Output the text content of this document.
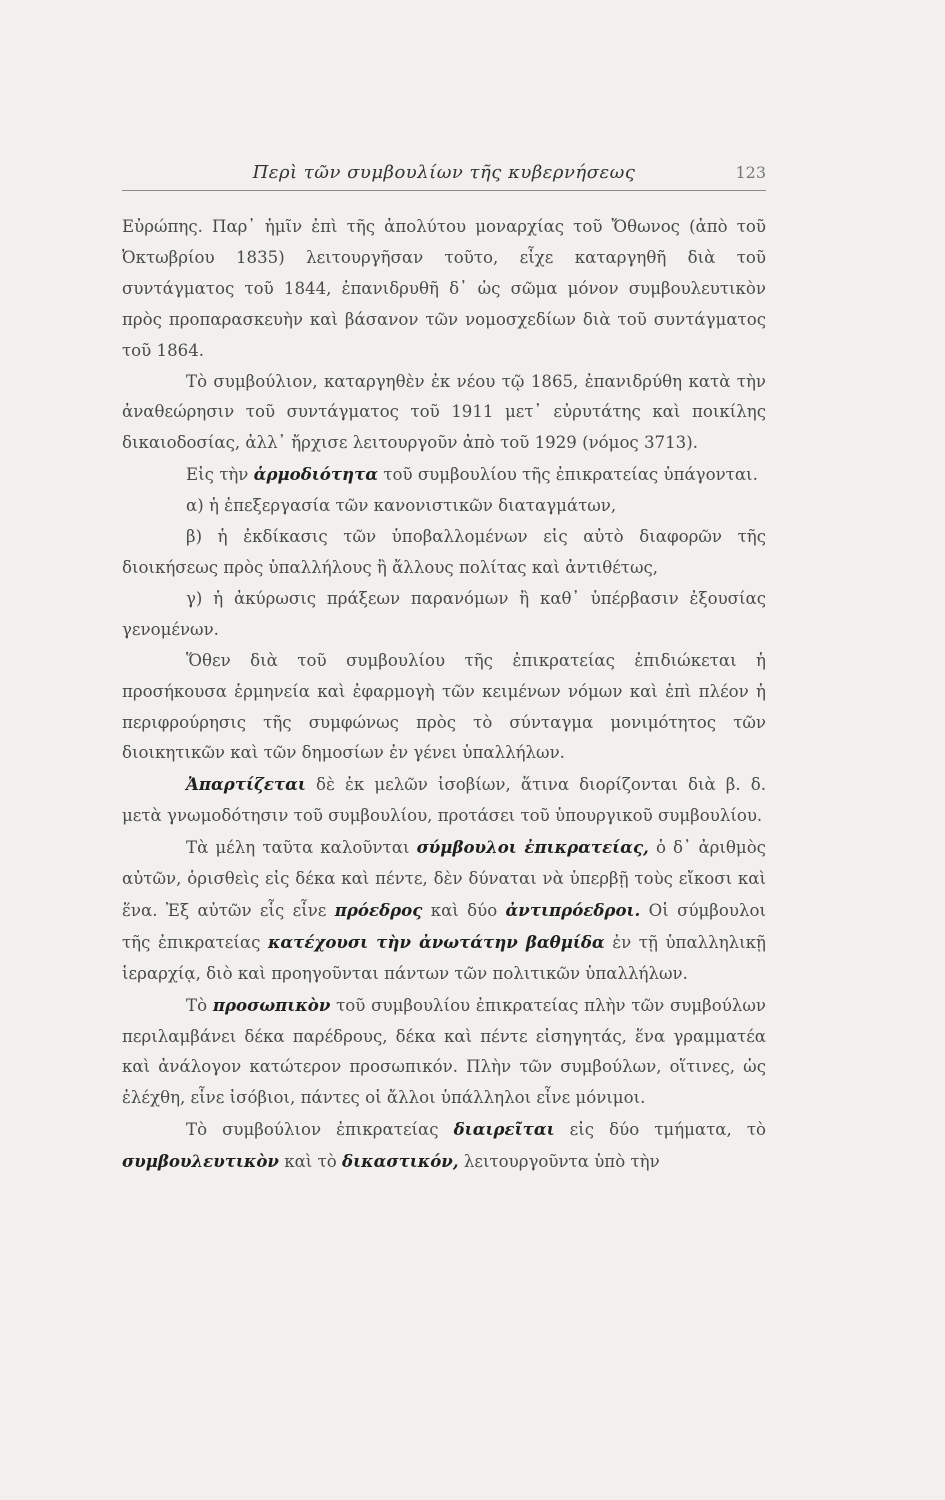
Περὶ τῶν συμβουλίων τῆς κυβερνήσεως	123

Εὐρώπης. Παρ᾽ ἡμῖν ἐπὶ τῆς ἀπολύτου μοναρχίας τοῦ Ὄθωνος (ἀπὸ τοῦ Ὀκτωβρίου 1835) λειτουργῆσαν τοῦτο, εἶχε καταργηθῆ διὰ τοῦ συντάγματος τοῦ 1844, ἐπανιδρυθῆ δ᾽ ὡς σῶμα μόνον συμβουλευτικὸν πρὸς προπαρασκευὴν καὶ βάσανον τῶν νομοσχεδίων διὰ τοῦ συντάγματος τοῦ 1864.

Τὸ συμβούλιον, καταργηθὲν ἐκ νέου τῷ 1865, ἐπανιδρύθη κατὰ τὴν ἀναθεώρησιν τοῦ συντάγματος τοῦ 1911 μετ᾽ εὐρυτάτης καὶ ποικίλης δικαιοδοσίας, ἀλλ᾽ ἤρχισε λειτουργοῦν ἀπὸ τοῦ 1929 (νόμος 3713).

Εἰς τὴν ἁρμοδιότητα τοῦ συμβουλίου τῆς ἐπικρατείας ὑπάγονται.

α) ἡ ἐπεξεργασία τῶν κανονιστικῶν διαταγμάτων,

β) ἡ ἐκδίκασις τῶν ὑποβαλλομένων εἰς αὐτὸ διαφορῶν τῆς διοικήσεως πρὸς ὑπαλλήλους ἢ ἄλλους πολίτας καὶ ἀντιθέτως,

γ) ἡ ἀκύρωσις πράξεων παρανόμων ἢ καθ᾽ ὑπέρβασιν ἐξουσίας γενομένων.

Ὅθεν διὰ τοῦ συμβουλίου τῆς ἐπικρατείας ἐπιδιώκεται ἡ προσήκουσα ἑρμηνεία καὶ ἐφαρμογὴ τῶν κειμένων νόμων καὶ ἐπὶ πλέον ἡ περιφρούρησις τῆς συμφώνως πρὸς τὸ σύνταγμα μονιμότητος τῶν διοικητικῶν καὶ τῶν δημοσίων ἐν γένει ὑπαλλήλων.

Ἀπαρτίζεται δὲ ἐκ μελῶν ἰσοβίων, ἅτινα διορίζονται διὰ β. δ. μετὰ γνωμοδότησιν τοῦ συμβουλίου, προτάσει τοῦ ὑπουργικοῦ συμβουλίου.

Τὰ μέλη ταῦτα καλοῦνται σύμβουλοι ἐπικρατείας, ὁ δ᾽ ἀριθμὸς αὐτῶν, ὁρισθεὶς εἰς δέκα καὶ πέντε, δὲν δύναται νὰ ὑπερβῇ τοὺς εἴκοσι καὶ ἕνα. Ἐξ αὐτῶν εἷς εἶνε πρόεδρος καὶ δύο ἀντιπρόεδροι. Οἱ σύμβουλοι τῆς ἐπικρατείας κατέχουσι τὴν ἀνωτάτην βαθμίδα ἐν τῇ ὑπαλληλικῇ ἱεραρχίᾳ, διὸ καὶ προηγοῦνται πάντων τῶν πολιτικῶν ὑπαλλήλων.

Τὸ προσωπικὸν τοῦ συμβουλίου ἐπικρατείας πλὴν τῶν συμβούλων περιλαμβάνει δέκα παρέδρους, δέκα καὶ πέντε εἰσηγητάς, ἕνα γραμματέα καὶ ἀνάλογον κατώτερον προσωπικόν. Πλὴν τῶν συμβούλων, οἵτινες, ὡς ἐλέχθη, εἶνε ἰσόβιοι, πάντες οἱ ἄλλοι ὑπάλληλοι εἶνε μόνιμοι.

Τὸ συμβούλιον ἐπικρατείας διαιρεῖται εἰς δύο τμήματα, τὸ συμβουλευτικὸν καὶ τὸ δικαστικόν, λειτουργοῦντα ὑπὸ τὴν
